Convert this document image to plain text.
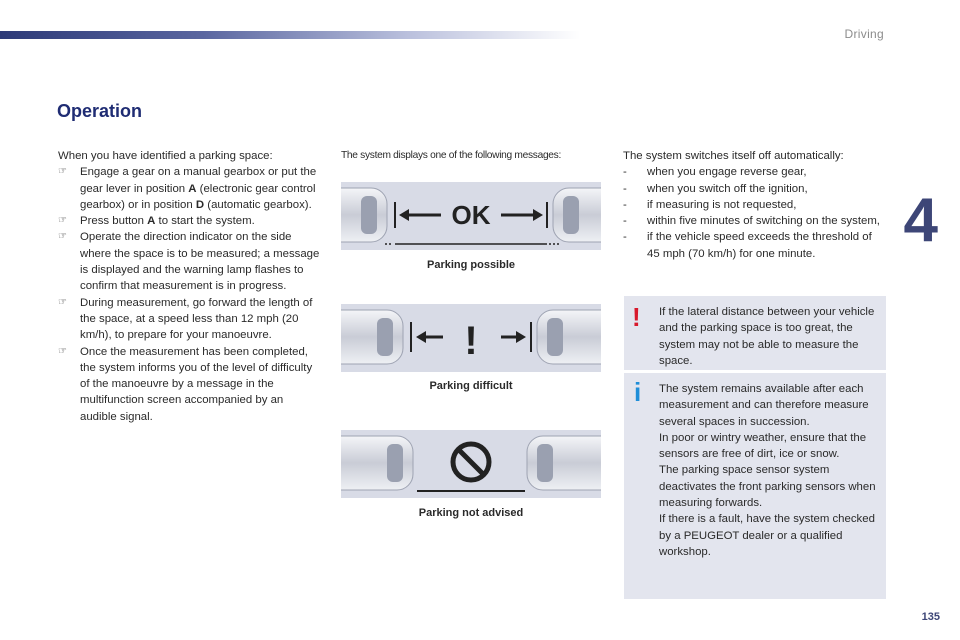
Driving
4
Operation
When you have identified a parking space:
☞ Engage a gear on a manual gearbox or put the gear lever in position A (electronic gear control gearbox) or in position D (automatic gearbox).
☞ Press button A to start the system.
☞ Operate the direction indicator on the side where the space is to be measured; a message is displayed and the warning lamp flashes to confirm that measurement is in progress.
☞ During measurement, go forward the length of the space, at a speed less than 12 mph (20 km/h), to prepare for your manoeuvre.
☞ Once the measurement has been completed, the system informs you of the level of difficulty of the manoeuvre by a message in the multifunction screen accompanied by an audible signal.
The system displays one of the following messages:
OK
Parking possible
!
Parking difficult
Parking not advised
The system switches itself off automatically:
- when you engage reverse gear,
- when you switch off the ignition,
- if measuring is not requested,
- within five minutes of switching on the system,
- if the vehicle speed exceeds the threshold of 45 mph (70 km/h) for one minute.
! If the lateral distance between your vehicle and the parking space is too great, the system may not be able to measure the space.
i The system remains available after each measurement and can therefore measure several spaces in succession.
In poor or wintry weather, ensure that the sensors are free of dirt, ice or snow.
The parking space sensor system deactivates the front parking sensors when measuring forwards.
If there is a fault, have the system checked by a PEUGEOT dealer or a qualified workshop.
135
